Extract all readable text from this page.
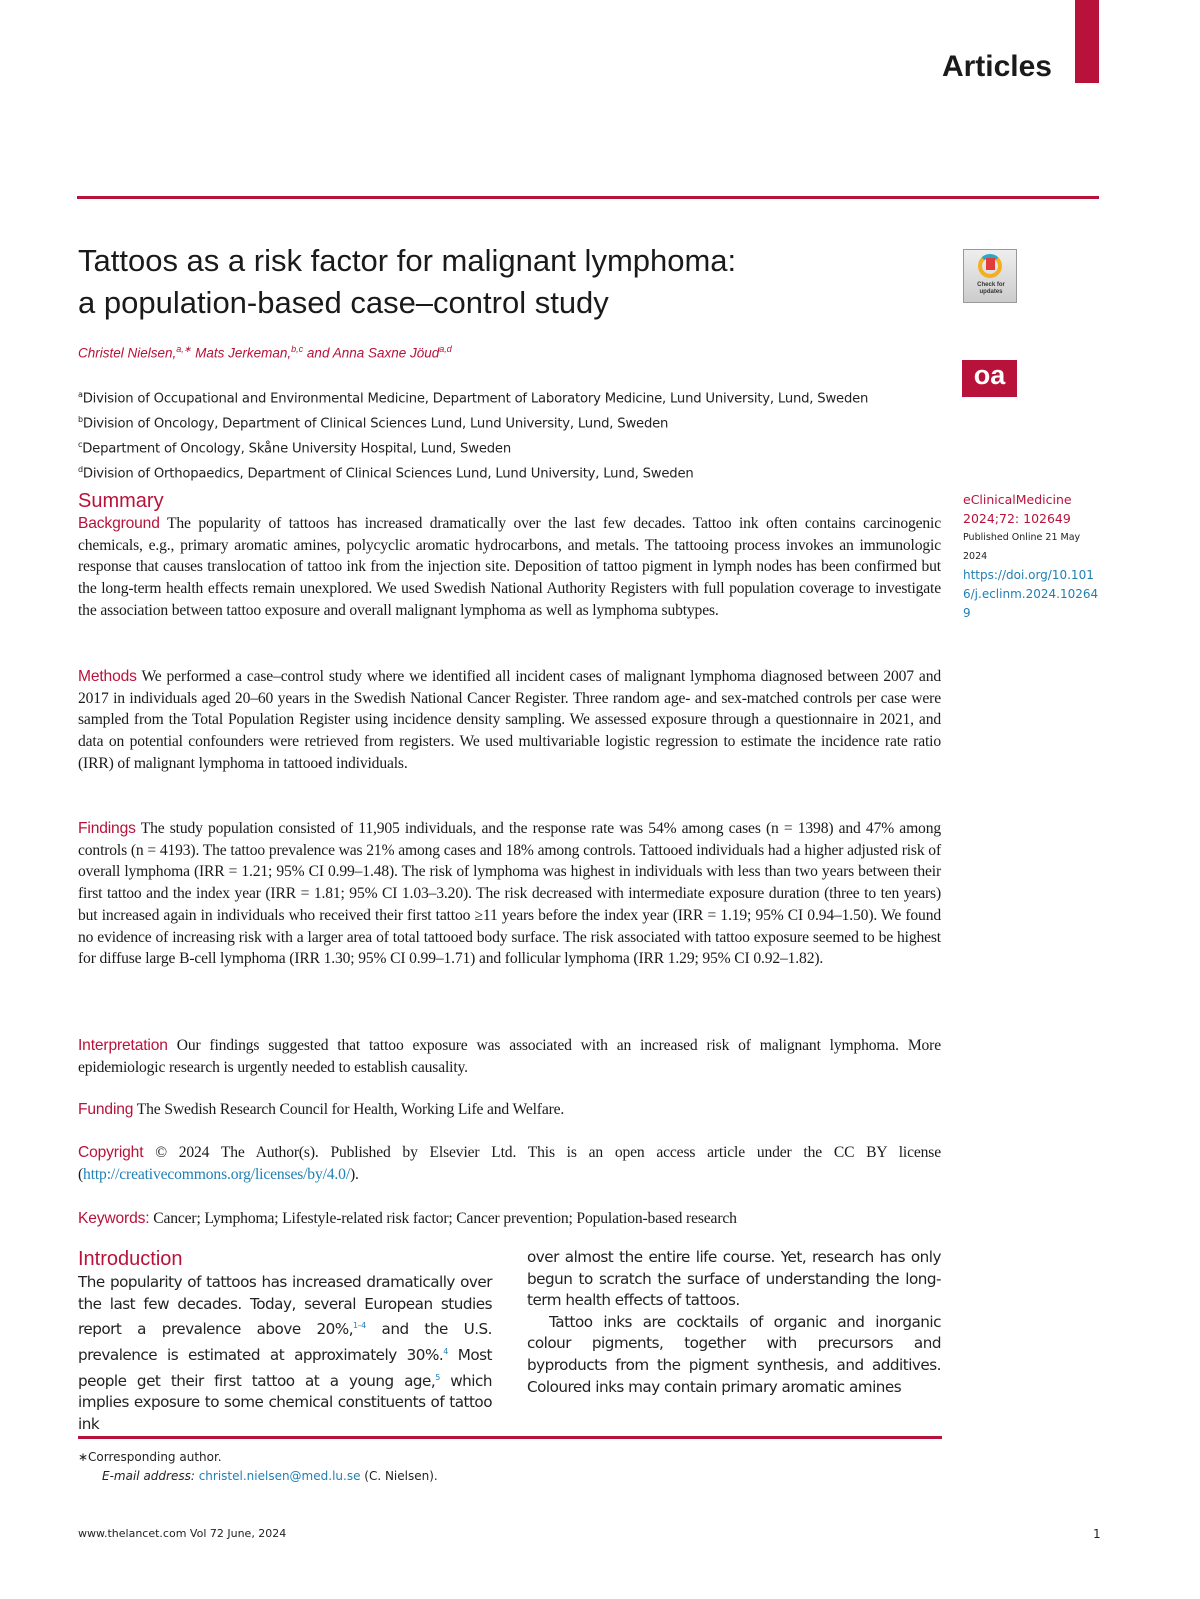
Articles
Tattoos as a risk factor for malignant lymphoma:
a population-based case–control study
Christel Nielsen,$^{a,∗}$ Mats Jerkeman,$^{b,c}$ and Anna Saxne Jöud$^{a,d}$
$^a$Division of Occupational and Environmental Medicine, Department of Laboratory Medicine, Lund University, Lund, Sweden
$^b$Division of Oncology, Department of Clinical Sciences Lund, Lund University, Lund, Sweden
$^c$Department of Oncology, Skåne University Hospital, Lund, Sweden
$^d$Division of Orthopaedics, Department of Clinical Sciences Lund, Lund University, Lund, Sweden
Check for updates
oa
eClinicalMedicine
2024;72: 102649
Published Online 21 May 2024
https://doi.org/10.1016/j.eclinm.2024.102649
Summary

Background The popularity of tattoos has increased dramatically over the last few decades. Tattoo ink often contains carcinogenic chemicals, e.g., primary aromatic amines, polycyclic aromatic hydrocarbons, and metals. The tattooing process invokes an immunologic response that causes translocation of tattoo ink from the injection site. Deposition of tattoo pigment in lymph nodes has been confirmed but the long-term health effects remain unexplored. We used Swedish National Authority Registers with full population coverage to investigate the association between tattoo exposure and overall malignant lymphoma as well as lymphoma subtypes.

Methods We performed a case–control study where we identified all incident cases of malignant lymphoma diagnosed between 2007 and 2017 in individuals aged 20–60 years in the Swedish National Cancer Register. Three random age- and sex-matched controls per case were sampled from the Total Population Register using incidence density sampling. We assessed exposure through a questionnaire in 2021, and data on potential confounders were retrieved from registers. We used multivariable logistic regression to estimate the incidence rate ratio (IRR) of malignant lymphoma in tattooed individuals.

Findings The study population consisted of 11,905 individuals, and the response rate was 54% among cases (n = 1398) and 47% among controls (n = 4193). The tattoo prevalence was 21% among cases and 18% among controls. Tattooed individuals had a higher adjusted risk of overall lymphoma (IRR = 1.21; 95% CI 0.99–1.48). The risk of lymphoma was highest in individuals with less than two years between their first tattoo and the index year (IRR = 1.81; 95% CI 1.03–3.20). The risk decreased with intermediate exposure duration (three to ten years) but increased again in individuals who received their first tattoo ≥11 years before the index year (IRR = 1.19; 95% CI 0.94–1.50). We found no evidence of increasing risk with a larger area of total tattooed body surface. The risk associated with tattoo exposure seemed to be highest for diffuse large B-cell lymphoma (IRR 1.30; 95% CI 0.99–1.71) and follicular lymphoma (IRR 1.29; 95% CI 0.92–1.82).

Interpretation Our findings suggested that tattoo exposure was associated with an increased risk of malignant lymphoma. More epidemiologic research is urgently needed to establish causality.

Funding The Swedish Research Council for Health, Working Life and Welfare.

Copyright © 2024 The Author(s). Published by Elsevier Ltd. This is an open access article under the CC BY license (http://creativecommons.org/licenses/by/4.0/).

Keywords: Cancer; Lymphoma; Lifestyle-related risk factor; Cancer prevention; Population-based research

Introduction

The popularity of tattoos has increased dramatically over the last few decades. Today, several European studies report a prevalence above 20%,$^{1-4}$ and the U.S. prevalence is estimated at approximately 30%.$^4$ Most people get their first tattoo at a young age,$^5$ which implies exposure to some chemical constituents of tattoo ink

over almost the entire life course. Yet, research has only begun to scratch the surface of understanding the long-term health effects of tattoos.

Tattoo inks are cocktails of organic and inorganic colour pigments, together with precursors and byproducts from the pigment synthesis, and additives. Coloured inks may contain primary aromatic amines

∗Corresponding author.
E-mail address: christel.nielsen@med.lu.se (C. Nielsen).
www.thelancet.com Vol 72 June, 2024	1
